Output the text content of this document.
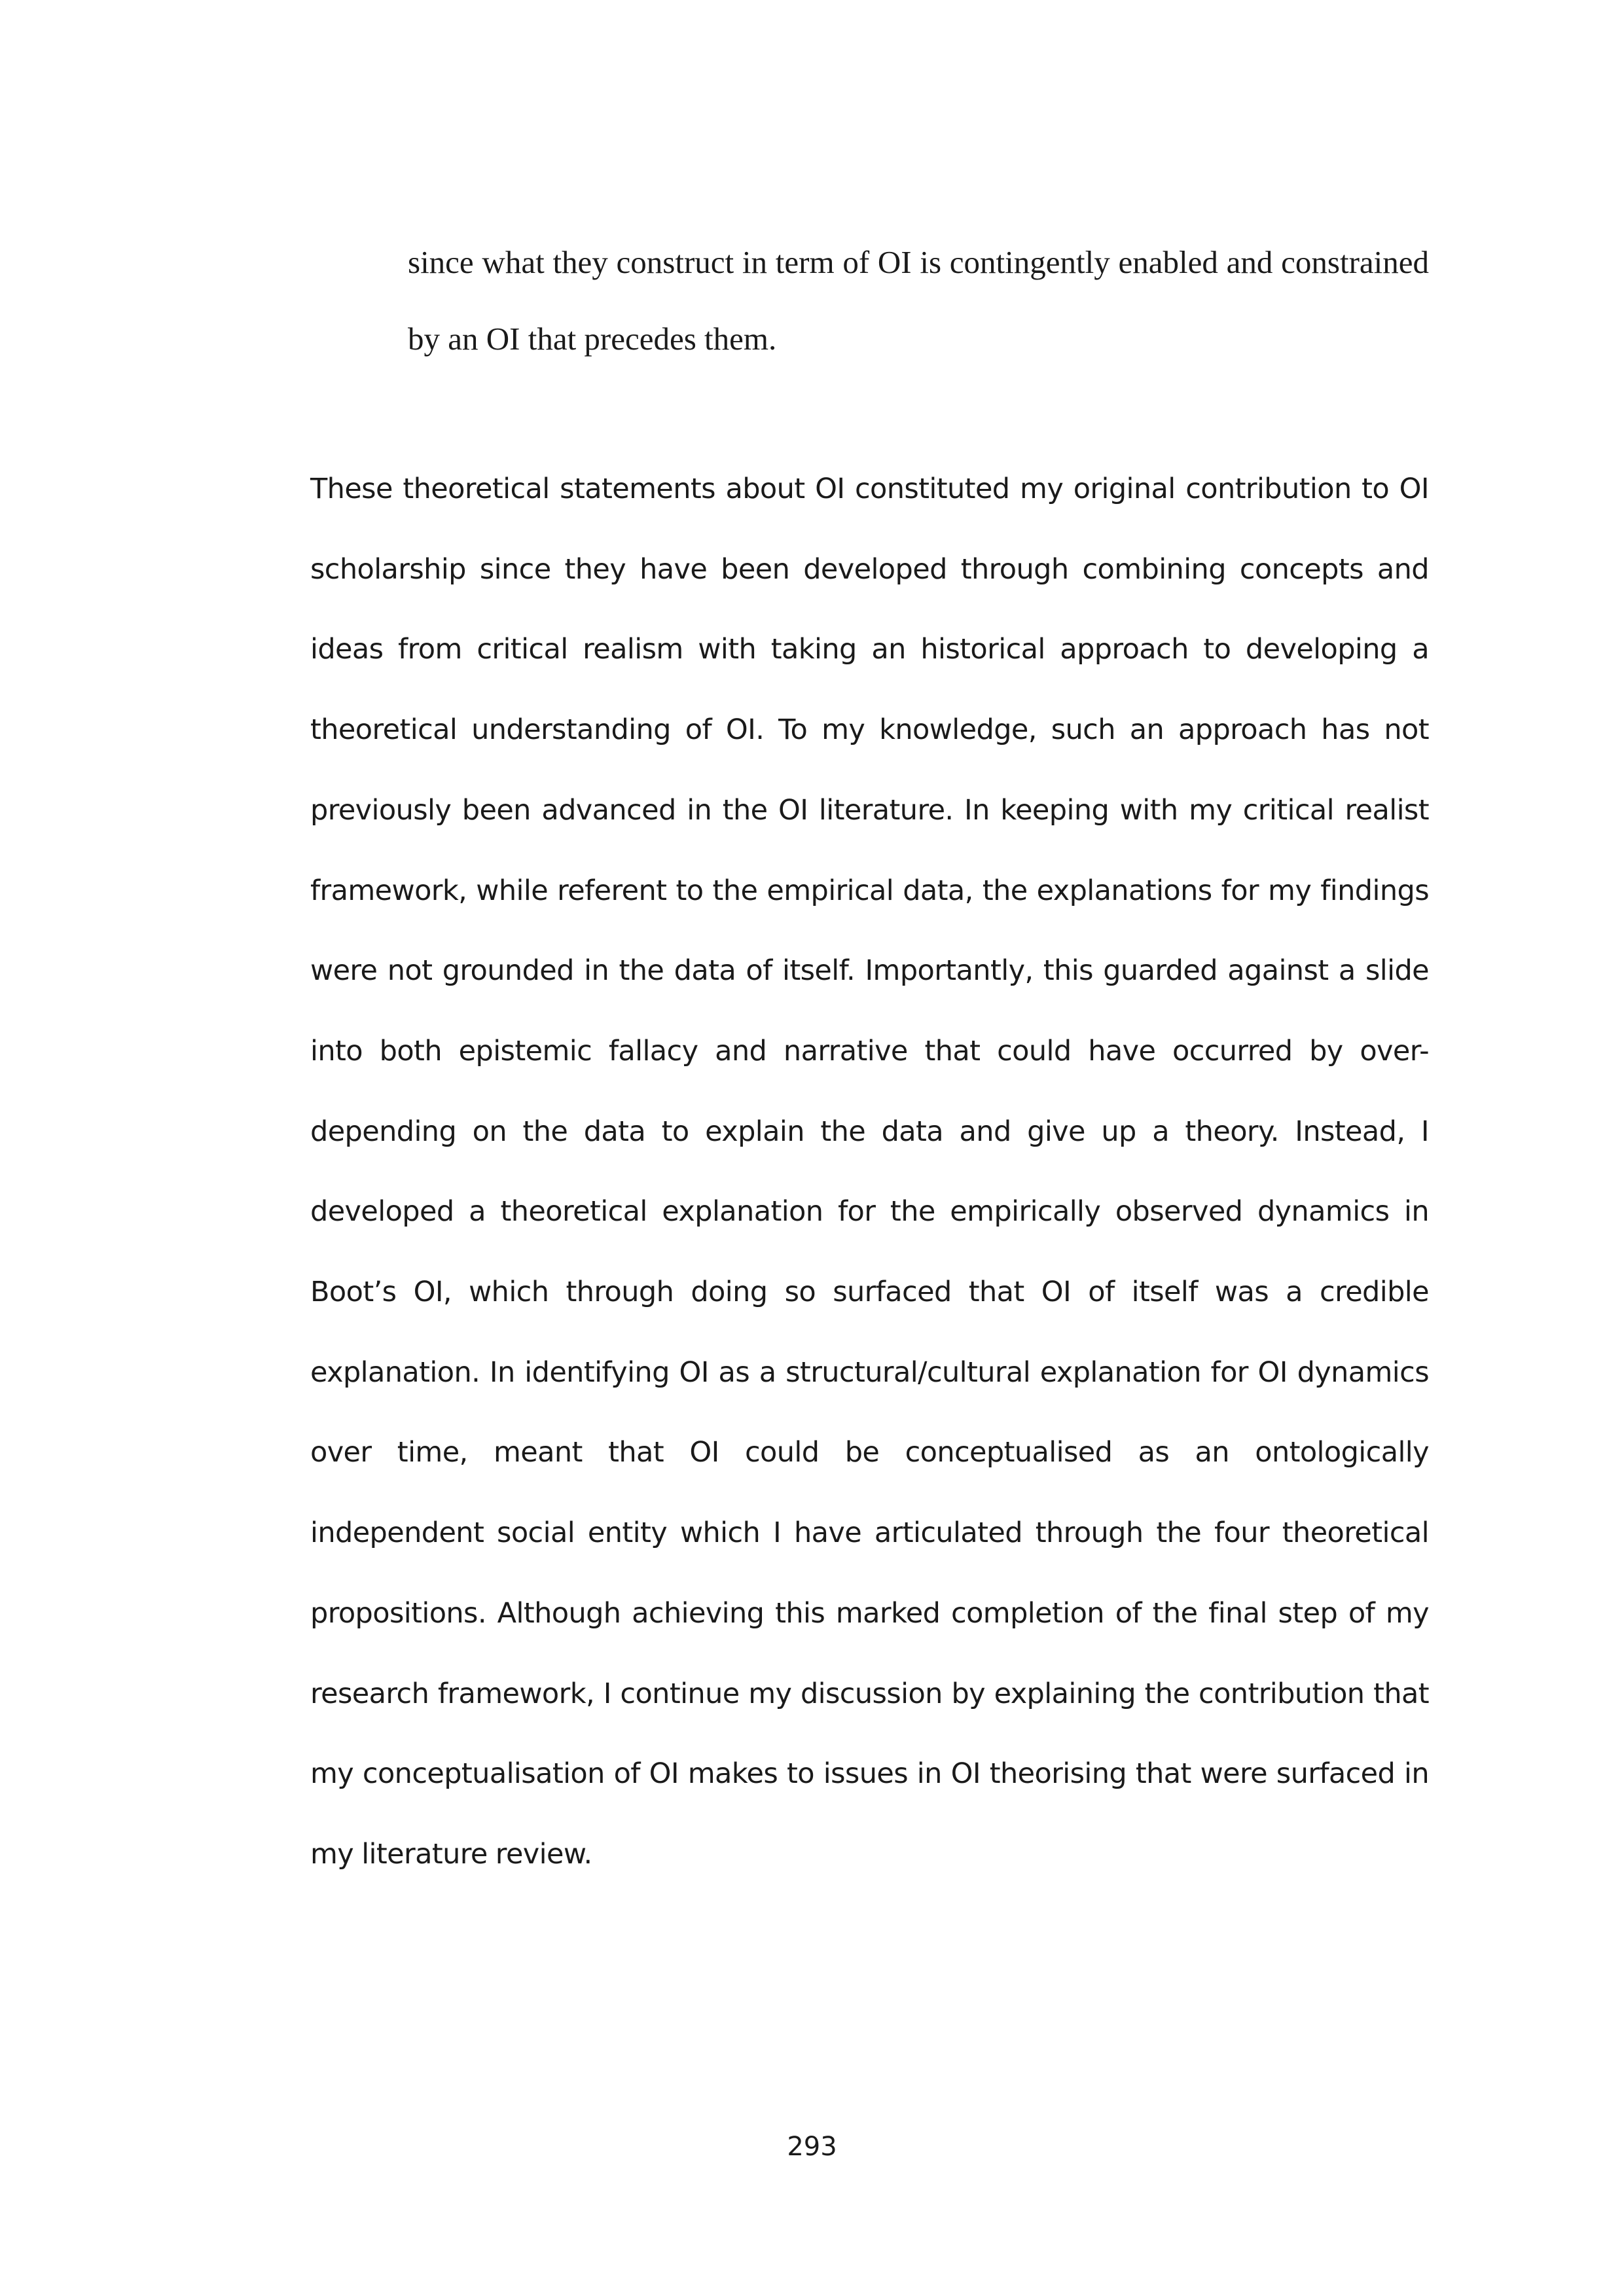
since what they construct in term of OI is contingently enabled and constrained by an OI that precedes them.

These theoretical statements about OI constituted my original contribution to OI scholarship since they have been developed through combining concepts and ideas from critical realism with taking an historical approach to developing a theoretical understanding of OI. To my knowledge, such an approach has not previously been advanced in the OI literature. In keeping with my critical realist framework, while referent to the empirical data, the explanations for my findings were not grounded in the data of itself. Importantly, this guarded against a slide into both epistemic fallacy and narrative that could have occurred by over-depending on the data to explain the data and give up a theory. Instead, I developed a theoretical explanation for the empirically observed dynamics in Boot’s OI, which through doing so surfaced that OI of itself was a credible explanation. In identifying OI as a structural/cultural explanation for OI dynamics over time, meant that OI could be conceptualised as an ontologically independent social entity which I have articulated through the four theoretical propositions. Although achieving this marked completion of the final step of my research framework, I continue my discussion by explaining the contribution that my conceptualisation of OI makes to issues in OI theorising that were surfaced in my literature review.

293
